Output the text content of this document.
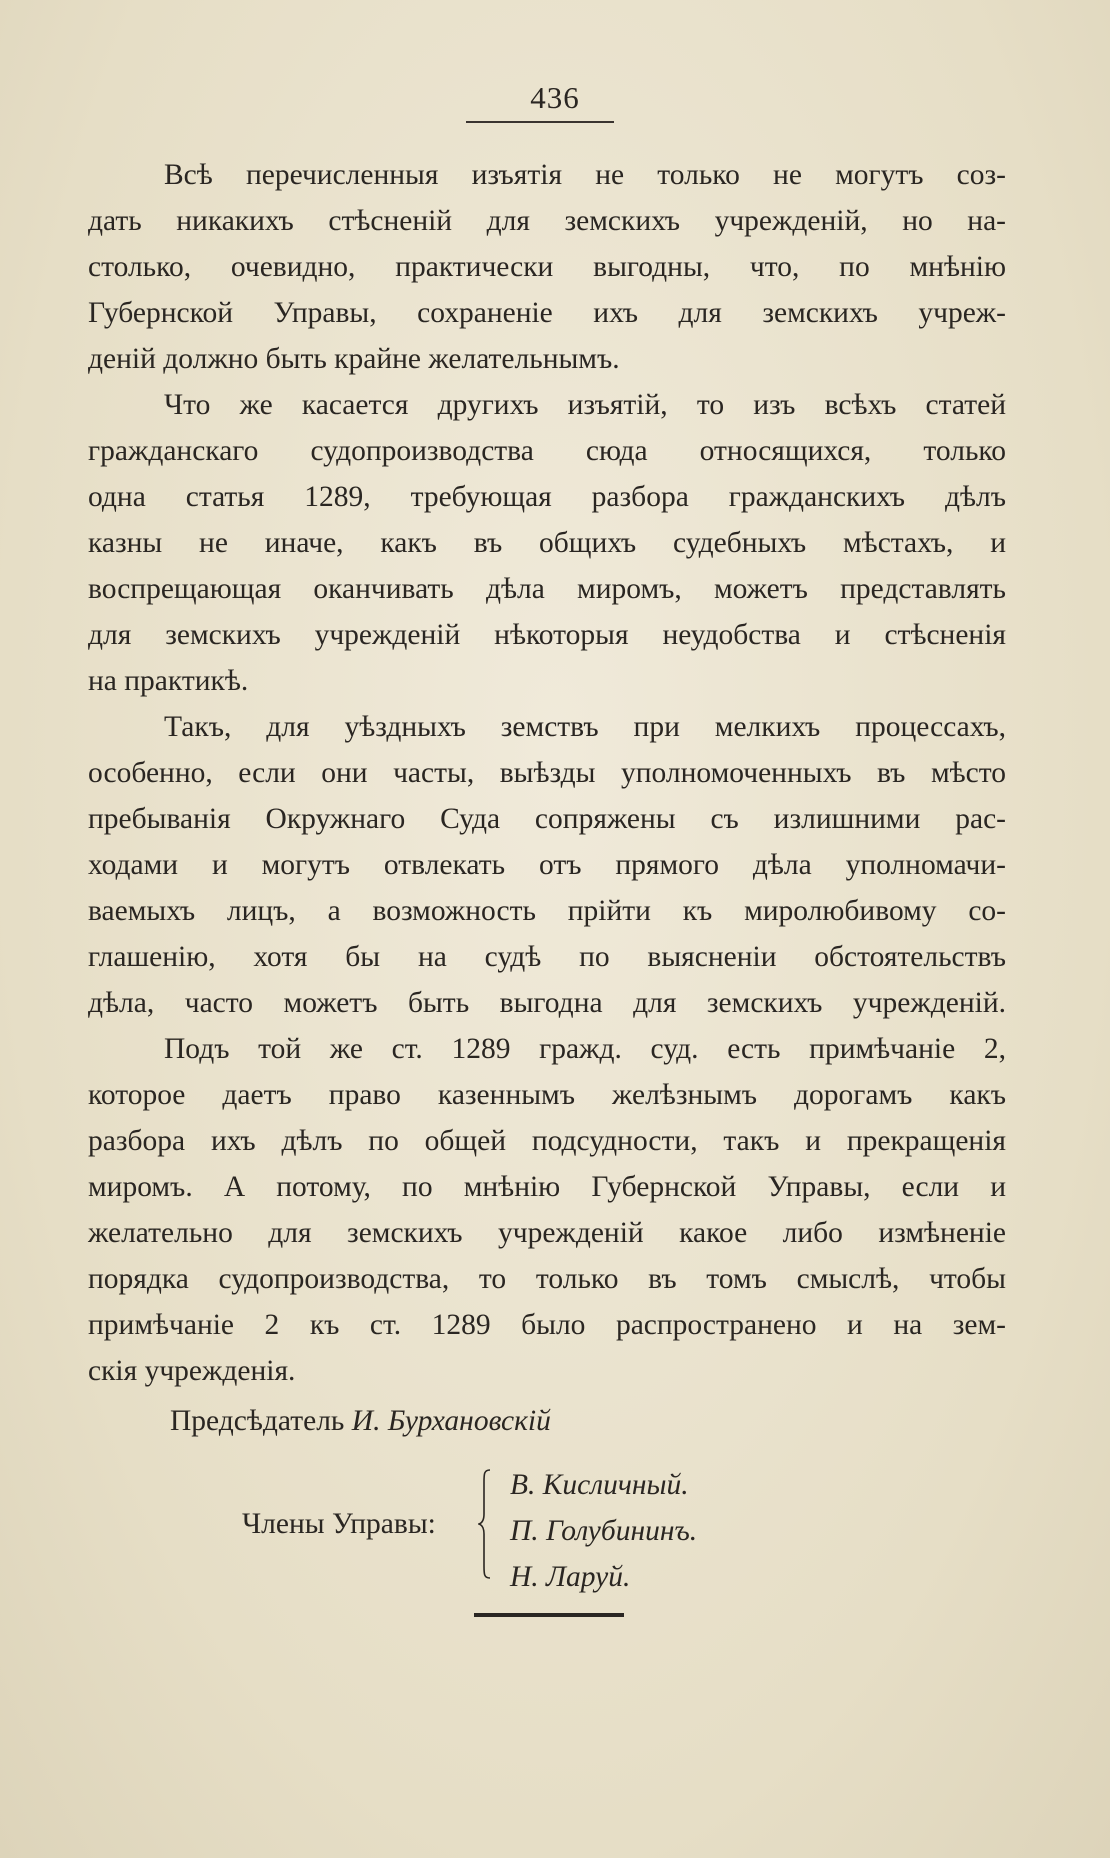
436

Всѣ перечисленныя изъятія не только не могутъ соз-
дать никакихъ стѣсненій для земскихъ учрежденій, но на-
столько, очевидно, практически выгодны, что, по мнѣнію
Губернской Управы, сохраненіе ихъ для земскихъ учреж-
деній должно быть крайне желательнымъ.

Что же касается другихъ изъятій, то изъ всѣхъ статей
гражданскаго судопроизводства сюда относящихся, только
одна статья 1289, требующая разбора гражданскихъ дѣлъ
казны не иначе, какъ въ общихъ судебныхъ мѣстахъ, и
воспрещающая оканчивать дѣла миромъ, можетъ представлять
для земскихъ учрежденій нѣкоторыя неудобства и стѣсненія
на практикѣ.

Такъ, для уѣздныхъ земствъ при мелкихъ процессахъ,
особенно, если они часты, выѣзды уполномоченныхъ въ мѣсто
пребыванія Окружнаго Суда сопряжены съ излишними рас-
ходами и могутъ отвлекать отъ прямого дѣла уполномачи-
ваемыхъ лицъ, а возможность прійти къ миролюбивому со-
глашенію, хотя бы на судѣ по выясненіи обстоятельствъ
дѣла, часто можетъ быть выгодна для земскихъ учрежденій.

Подъ той же ст. 1289 гражд. суд. есть примѣчаніе 2,
которое даетъ право казеннымъ желѣзнымъ дорогамъ какъ
разбора ихъ дѣлъ по общей подсудности, такъ и прекращенія
миромъ. А потому, по мнѣнію Губернской Управы, если и
желательно для земскихъ учрежденій какое либо измѣненіе
порядка судопроизводства, то только въ томъ смыслѣ, чтобы
примѣчаніе 2 къ ст. 1289 было распространено и на зем-
скія учрежденія.

Предсѣдатель И. Бурхановскій
Члены Управы:
В. Кисличный.
П. Голубининъ.
Н. Ларуй.
